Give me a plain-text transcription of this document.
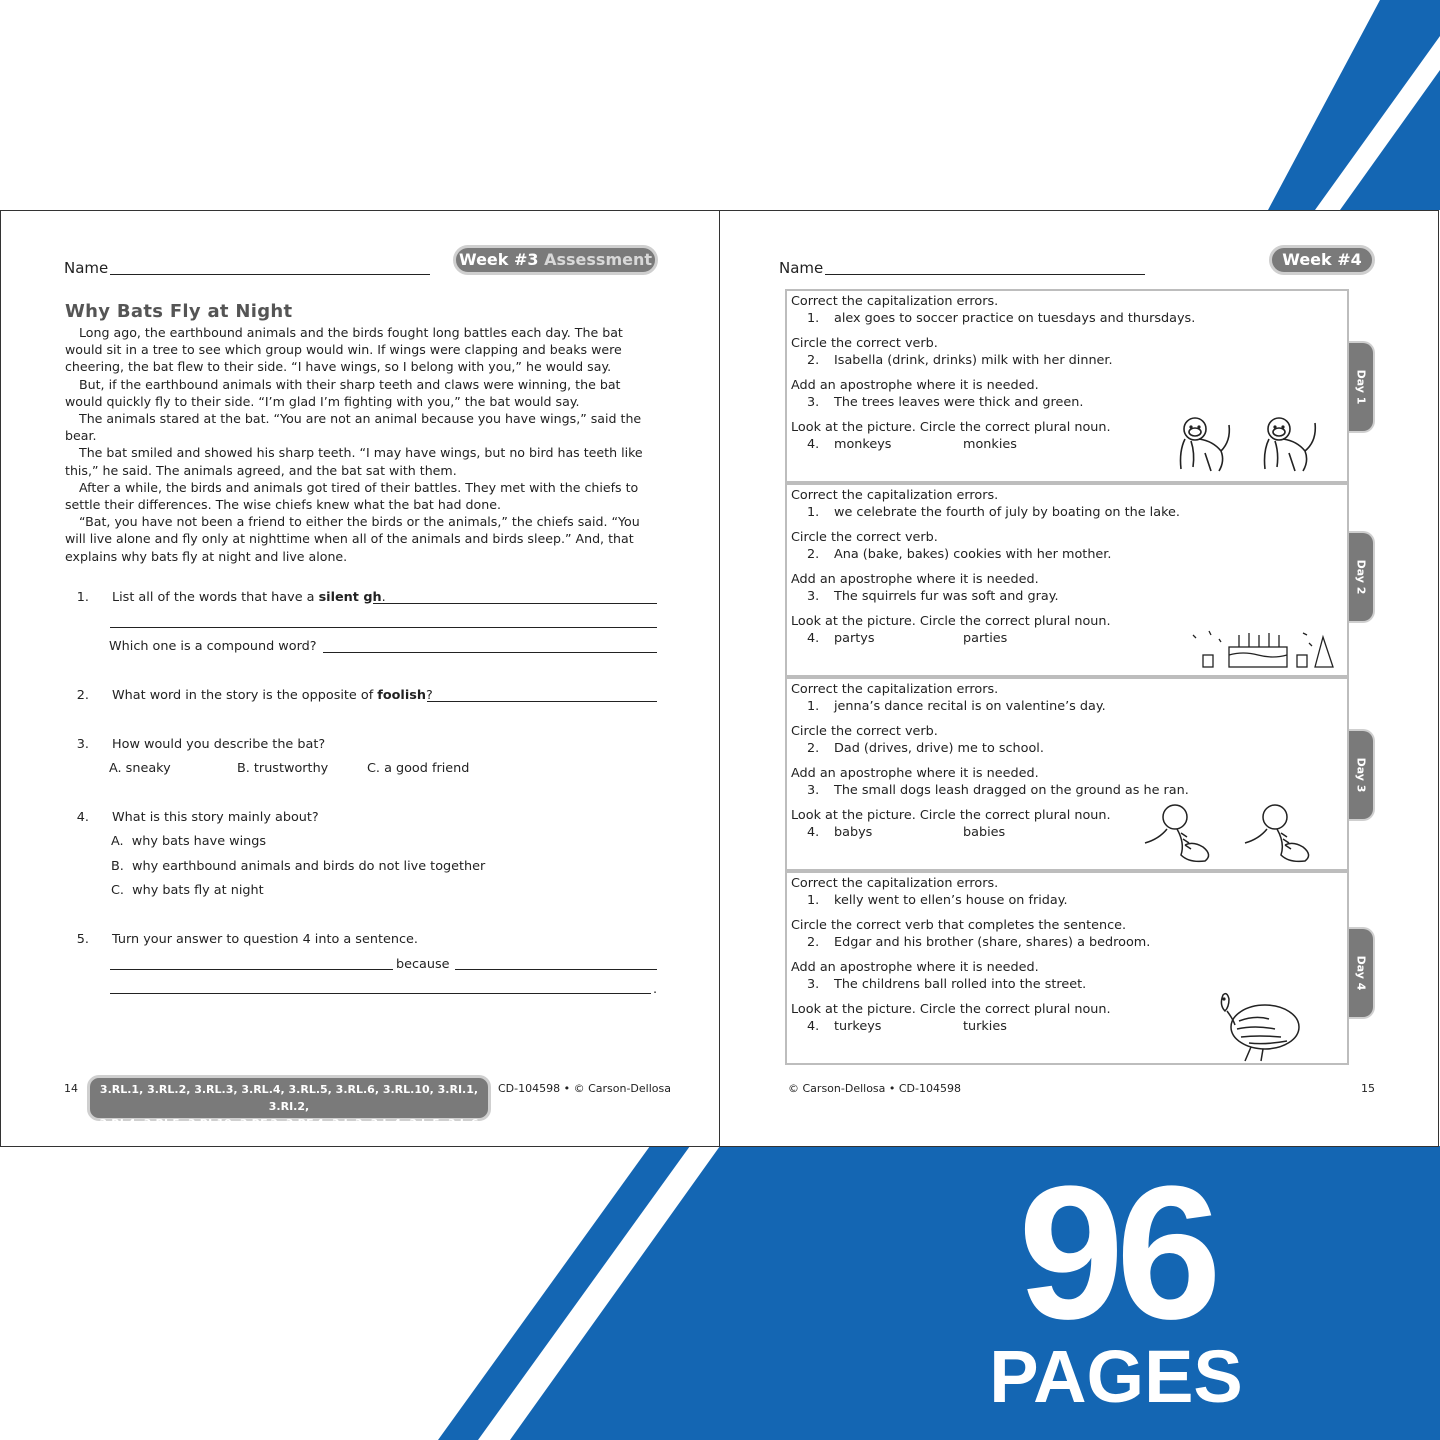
Name	Week #3 Assessment
Why Bats Fly at Night

Long ago, the earthbound animals and the birds fought long battles each day. The bat would sit in a tree to see which group would win. If wings were clapping and beaks were cheering, the bat flew to their side. “I have wings, so I belong with you,” he would say.

But, if the earthbound animals with their sharp teeth and claws were winning, the bat would quickly fly to their side. “I’m glad I’m fighting with you,” the bat would say.

The animals stared at the bat. “You are not an animal because you have wings,” said the bear.

The bat smiled and showed his sharp teeth. “I may have wings, but no bird has teeth like this,” he said. The animals agreed, and the bat sat with them.

After a while, the birds and animals got tired of their battles. They met with the chiefs to settle their differences. The wise chiefs knew what the bat had done.

“Bat, you have not been a friend to either the birds or the animals,” the chiefs said. “You will live alone and fly only at nighttime when all of the animals and birds sleep.” And, that explains why bats fly at night and live alone.

1. List all of the words that have a silent gh.
Which one is a compound word?
2. What word in the story is the opposite of foolish?
3. How would you describe the bat?
A. sneaky	B. trustworthy	C. a good friend
4. What is this story mainly about?
A. why bats have wings
B. why earthbound animals and birds do not live together
C. why bats fly at night
5. Turn your answer to question 4 into a sentence.
because
.
14	3.RL.1, 3.RL.2, 3.RL.3, 3.RL.4, 3.RL.5, 3.RL.6, 3.RL.10, 3.RI.1, 3.RI.2,
3.RI.4, 3.RI.5, 3.RI.10, 3.RF.3, 3.RF.4, 3.L.3, 3.L.4, 3.L.5, 3.L.6
CD-104598 • © Carson-Dellosa
Name	Week #4
Correct the capitalization errors.
1. alex goes to soccer practice on tuesdays and thursdays.
Circle the correct verb.
2. Isabella (drink, drinks) milk with her dinner.
Add an apostrophe where it is needed.
3. The trees leaves were thick and green.
Look at the picture. Circle the correct plural noun.
4. monkeys	monkies
Day 1
Correct the capitalization errors.
1. we celebrate the fourth of july by boating on the lake.
Circle the correct verb.
2. Ana (bake, bakes) cookies with her mother.
Add an apostrophe where it is needed.
3. The squirrels fur was soft and gray.
Look at the picture. Circle the correct plural noun.
4. partys	parties
Day 2
Correct the capitalization errors.
1. jenna’s dance recital is on valentine’s day.
Circle the correct verb.
2. Dad (drives, drive) me to school.
Add an apostrophe where it is needed.
3. The small dogs leash dragged on the ground as he ran.
Look at the picture. Circle the correct plural noun.
4. babys	babies
Day 3
Correct the capitalization errors.
1. kelly went to ellen’s house on friday.
Circle the correct verb that completes the sentence.
2. Edgar and his brother (share, shares) a bedroom.
Add an apostrophe where it is needed.
3. The childrens ball rolled into the street.
Look at the picture. Circle the correct plural noun.
4. turkeys	turkies
Day 4
© Carson-Dellosa • CD-104598	15
96
PAGES
